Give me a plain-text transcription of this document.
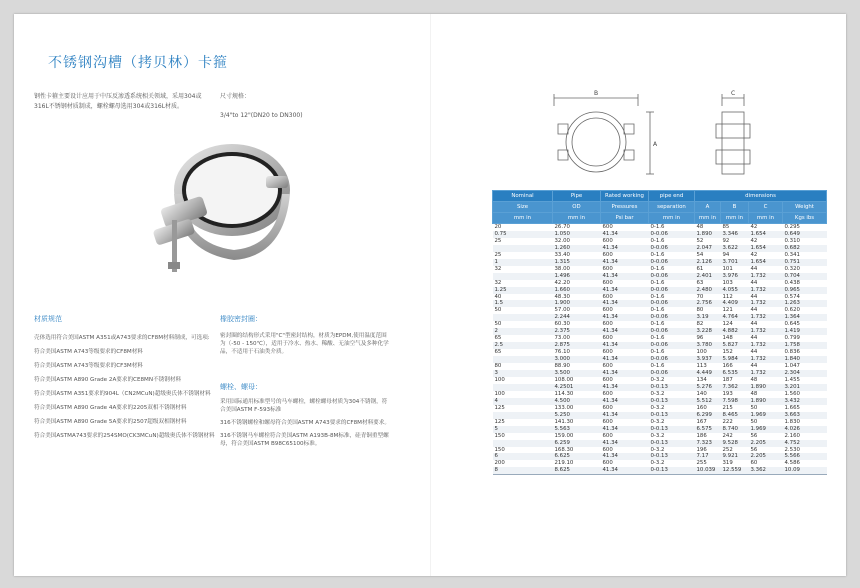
不锈钢沟槽（拷贝林）卡箍
钢性卡箍主要设计应用于中压反渗透系统相关领域，采用304或316L不锈钢材质制成，螺栓螺母选用304或316L材质。
尺寸规格：
3/4"to 12"(DN20 to DN300)
材质规范

壳体选用符合美国ASTM A351或A743要求的CF8M材料制成，可选项:

符合美国ASTM A743等级要求的CF8M材料

符合美国ASTM A743等级要求的CF3M材料

符合美国ASTM A890 Grade 2A要求的CE8MN不锈钢材料

符合美国ASTM A351要求的904L（CN2MCuN)超级奥氏体不锈钢材料

符合美国ASTM A890 Grade 4A要求的2205双相不锈钢材料

符合美国ASTM A890 Grade 5A要求的2507超级双相钢材料

符合美国ASTMA743要求的254SMO(CK3MCuN)超级奥氏体不锈钢材料

橡胶密封圈：
密封圈的结构形式采用"C"型密封结构，材质为EPDM,使用温度范围为（-50 - 150℃），适用于冷水、热水、稀酸、无油空气及多种化学品，不适用于石油类介质。
螺栓、螺母：

采用国际通用标准型号的马车螺栓，螺栓螺母材质为304不锈钢，符合美国ASTM F-593标准

316不锈钢螺栓和螺母符合美国ASTM A743要求的CF8M材料要求。

316不锈钢马车螺栓符合美国ASTM A193B-8M标准，硅青铜重型螺母，符合美国ASTM B98C65100标准。

B
A
C
Nominal	Pipe	Rated working	pipe end	dimensions			
Size	OD	Pressures	separation	A	B	C	Weight
mm in	mm in	Psi bar	mm in	mm in	mm in	mm in	Kgs ibs
20	26.70	600	0-1.6	48	85	42	0.295
0.75	1.050	41.34	0-0.06	1.890	3.346	1.654	0.649
25	32.00	600	0-1.6	52	92	42	0.310
	1.260	41.34	0-0.06	2.047	3.622	1.654	0.682
25	33.40	600	0-1.6	54	94	42	0.341
1	1.315	41.34	0-0.06	2.126	3.701	1.654	0.751
32	38.00	600	0-1.6	61	101	44	0.320
	1.496	41.34	0-0.06	2.401	3.976	1.732	0.704
32	42.20	600	0-1.6	63	103	44	0.438
1.25	1.660	41.34	0-0.06	2.480	4.055	1.732	0.965
40	48.30	600	0-1.6	70	112	44	0.574
1.5	1.900	41.34	0-0.06	2.756	4.409	1.732	1.263
50	57.00	600	0-1.6	80	121	44	0.620
	2.244	41.34	0-0.06	3.19	4.764	1.732	1.364
50	60.30	600	0-1.6	82	124	44	0.645
2	2.375	41.34	0-0.06	3.228	4.882	1.732	1.419
65	73.00	600	0-1.6	96	148	44	0.799
2.5	2.875	41.34	0-0.06	3.780	5.827	1.732	1.758
65	76.10	600	0-1.6	100	152	44	0.836
	3.000	41.34	0-0.06	3.937	5.984	1.732	1.840
80	88.90	600	0-1.6	113	166	44	1.047
3	3.500	41.34	0-0.06	4.449	6.535	1.732	2.304
100	108.00	600	0-3.2	134	187	48	1.455
	4.2501	41.34	0-0.13	5.276	7.362	1.890	3.201
100	114.30	600	0-3.2	140	193	48	1.560
4	4.500	41.34	0-0.13	5.512	7.598	1.890	3.432
125	133.00	600	0-3.2	160	215	50	1.665
	5.250	41.34	0-0.13	6.299	8.465	1.969	3.663
125	141.30	600	0-3.2	167	222	50	1.830
5	5.563	41.34	0-0.13	6.575	8.740	1.969	4.026
150	159.00	600	0-3.2	186	242	56	2.160
	6.259	41.34	0-0.13	7.323	9.528	2.205	4.752
150	168.30	600	0-3.2	196	252	56	2.530
6	6.625	41.34	0-0.13	7.17	9.921	2.205	5.566
200	219.10	600	0-3.2	255	319	60	4.586
8	8.625	41.34	0-0.13	10.039	12.559	3.362	10.09
